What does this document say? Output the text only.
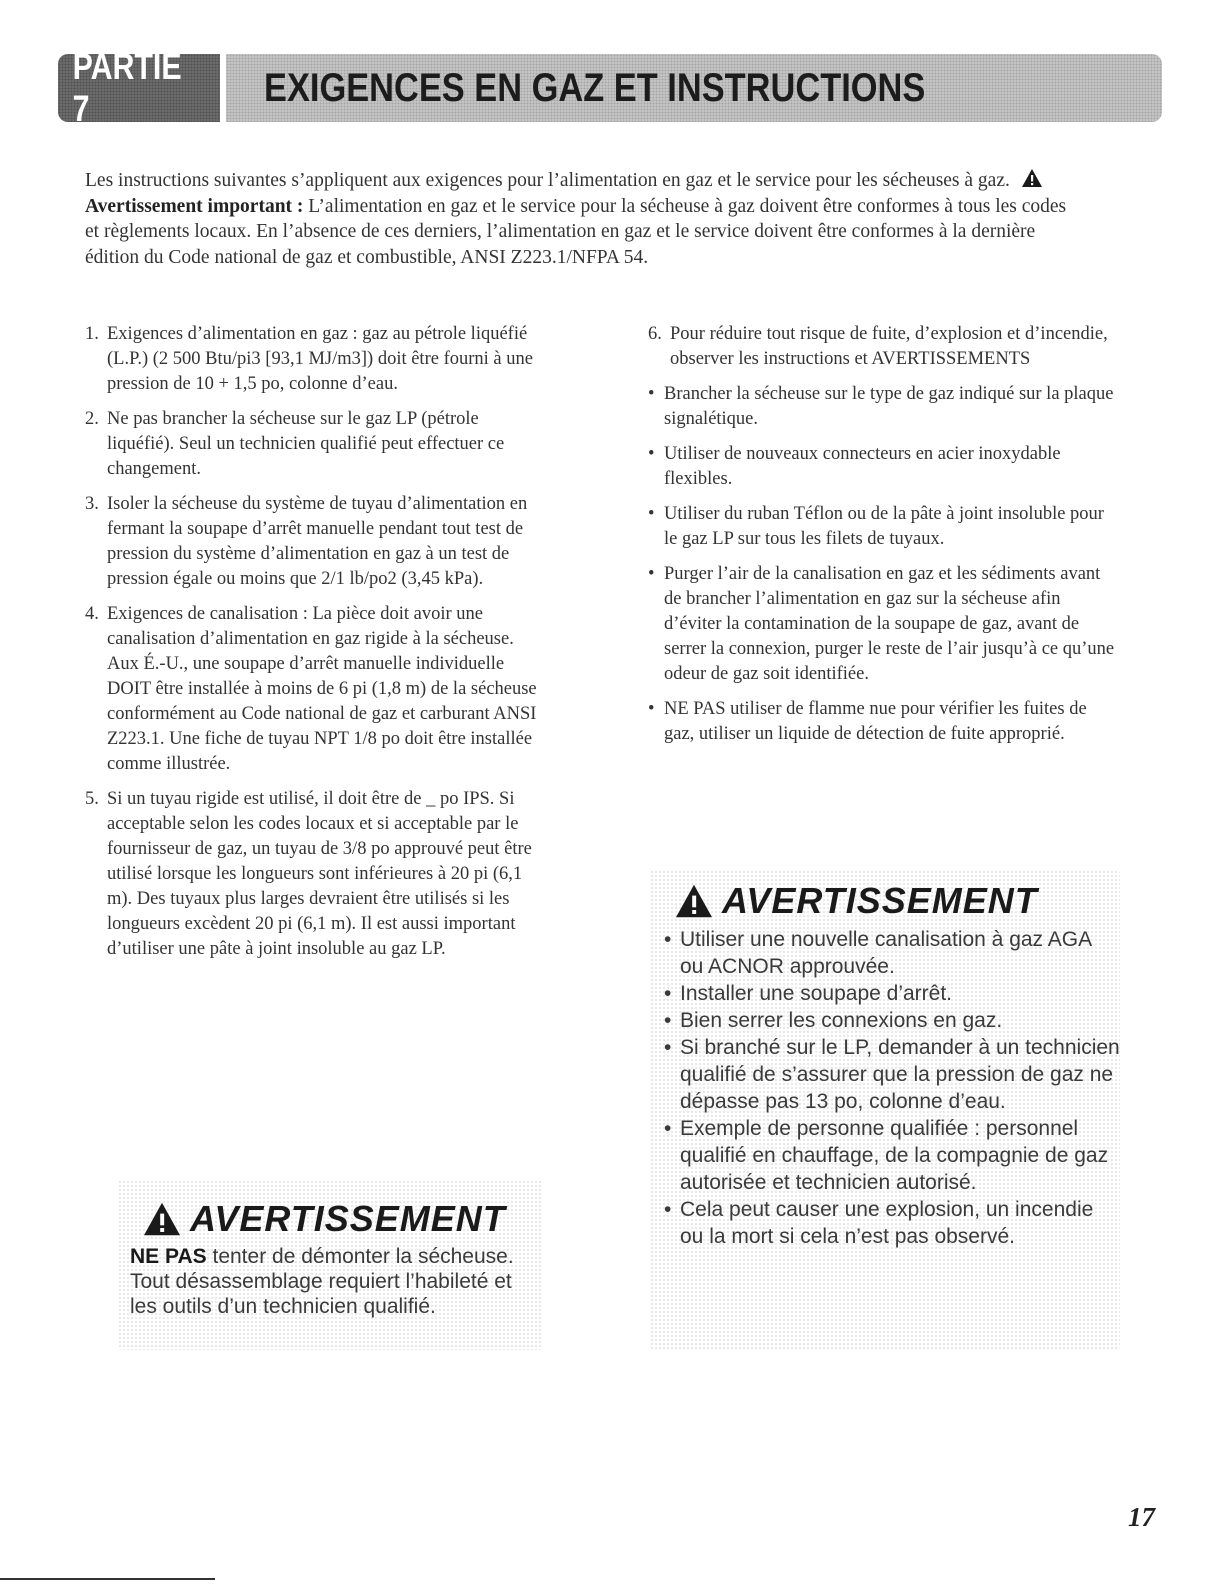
PARTIE 7	EXIGENCES EN GAZ ET INSTRUCTIONS
Les instructions suivantes s’appliquent aux exigences pour l’alimentation en gaz et le service pour les sécheuses à gaz. Avertissement important : L’alimentation en gaz et le service pour la sécheuse à gaz doivent être conformes à tous les codes et règlements locaux. En l’absence de ces derniers, l’alimentation en gaz et le service doivent être conformes à la dernière édition du Code national de gaz et combustible, ANSI Z223.1/NFPA 54.
1. Exigences d’alimentation en gaz : gaz au pétrole liquéfié (L.P.) (2 500 Btu/pi3 [93,1 MJ/m3]) doit être fourni à une pression de 10 + 1,5 po, colonne d’eau.
2. Ne pas brancher la sécheuse sur le gaz LP (pétrole liquéfié). Seul un technicien qualifié peut effectuer ce changement.
3. Isoler la sécheuse du système de tuyau d’alimentation en fermant la soupape d’arrêt manuelle pendant tout test de pression du système d’alimentation en gaz à un test de pression égale ou moins que 2/1 lb/po2 (3,45 kPa).
4. Exigences de canalisation : La pièce doit avoir une canalisation d’alimentation en gaz rigide à la sécheuse. Aux É.-U., une soupape d’arrêt manuelle individuelle DOIT être installée à moins de 6 pi (1,8 m) de la sécheuse conformément au Code national de gaz et carburant ANSI Z223.1. Une fiche de tuyau NPT 1/8 po doit être installée comme illustrée.
5. Si un tuyau rigide est utilisé, il doit être de _ po IPS. Si acceptable selon les codes locaux et si acceptable par le fournisseur de gaz, un tuyau de 3/8 po approuvé peut être utilisé lorsque les longueurs sont inférieures à 20 pi (6,1 m). Des tuyaux plus larges devraient être utilisés si les longueurs excèdent 20 pi (6,1 m). Il est aussi important d’utiliser une pâte à joint insoluble au gaz LP.
6. Pour réduire tout risque de fuite, d’explosion et d’incendie, observer les instructions et AVERTISSEMENTS
• Brancher la sécheuse sur le type de gaz indiqué sur la plaque signalétique.
• Utiliser de nouveaux connecteurs en acier inoxydable flexibles.
• Utiliser du ruban Téflon ou de la pâte à joint insoluble pour le gaz LP sur tous les filets de tuyaux.
• Purger l’air de la canalisation en gaz et les sédiments avant de brancher l’alimentation en gaz sur la sécheuse afin d’éviter la contamination de la soupape de gaz, avant de serrer la connexion, purger le reste de l’air jusqu’à ce qu’une odeur de gaz soit identifiée.
• NE PAS utiliser de flamme nue pour vérifier les fuites de gaz, utiliser un liquide de détection de fuite approprié.
AVERTISSEMENT
• Utiliser une nouvelle canalisation à gaz AGA ou ACNOR approuvée.
• Installer une soupape d’arrêt.
• Bien serrer les connexions en gaz.
• Si branché sur le LP, demander à un technicien qualifié de s’assurer que la pression de gaz ne dépasse pas 13 po, colonne d’eau.
• Exemple de personne qualifiée : personnel qualifié en chauffage, de la compagnie de gaz autorisée et technicien autorisé.
• Cela peut causer une explosion, un incendie ou la mort si cela n’est pas observé.
AVERTISSEMENT
NE PAS tenter de démonter la sécheuse. Tout désassemblage requiert l’habileté et les outils d’un technicien qualifié.
17
